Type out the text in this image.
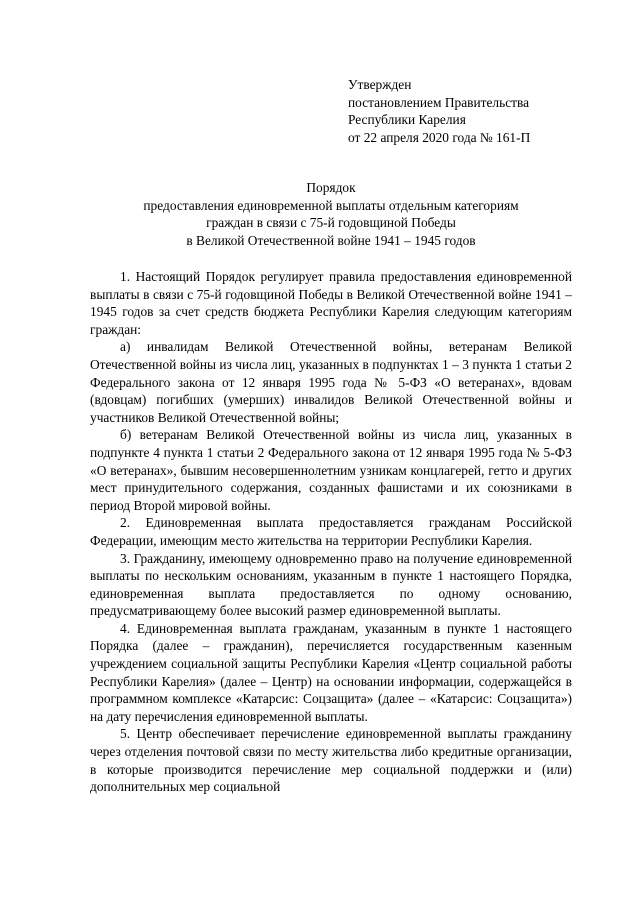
Утвержден
постановлением Правительства
Республики Карелия
от 22 апреля 2020 года № 161-П
Порядок
предоставления единовременной выплаты отдельным категориям
граждан в связи с 75-й годовщиной Победы
в Великой Отечественной войне 1941 – 1945 годов

1. Настоящий Порядок регулирует правила предоставления единовременной выплаты в связи с 75-й годовщиной Победы в Великой Отечественной войне 1941 – 1945 годов за счет средств бюджета Республики Карелия следующим категориям граждан:

а) инвалидам Великой Отечественной войны, ветеранам Великой Отечественной войны из числа лиц, указанных в подпунктах 1 – 3 пункта 1 статьи 2 Федерального закона от 12 января 1995 года № 5-ФЗ «О ветеранах», вдовам (вдовцам) погибших (умерших) инвалидов Великой Отечественной войны и участников Великой Отечественной войны;

б) ветеранам Великой Отечественной войны из числа лиц, указанных в подпункте 4 пункта 1 статьи 2 Федерального закона от 12 января 1995 года № 5-ФЗ «О ветеранах», бывшим несовершеннолетним узникам концлагерей, гетто и других мест принудительного содержания, созданных фашистами и их союзниками в период Второй мировой войны.

2. Единовременная выплата предоставляется гражданам Российской Федерации, имеющим место жительства на территории Республики Карелия.

3. Гражданину, имеющему одновременно право на получение единовременной выплаты по нескольким основаниям, указанным в пункте 1 настоящего Порядка, единовременная выплата предоставляется по одному основанию, предусматривающему более высокий размер единовременной выплаты.

4. Единовременная выплата гражданам, указанным в пункте 1 настоящего Порядка (далее – гражданин), перечисляется государственным казенным учреждением социальной защиты Республики Карелия «Центр социальной работы Республики Карелия» (далее – Центр) на основании информации, содержащейся в программном комплексе «Катарсис: Соцзащита» (далее – «Катарсис: Соцзащита») на дату перечисления единовременной выплаты.

5. Центр обеспечивает перечисление единовременной выплаты гражданину через отделения почтовой связи по месту жительства либо кредитные организации, в которые производится перечисление мер социальной поддержки и (или) дополнительных мер социальной
